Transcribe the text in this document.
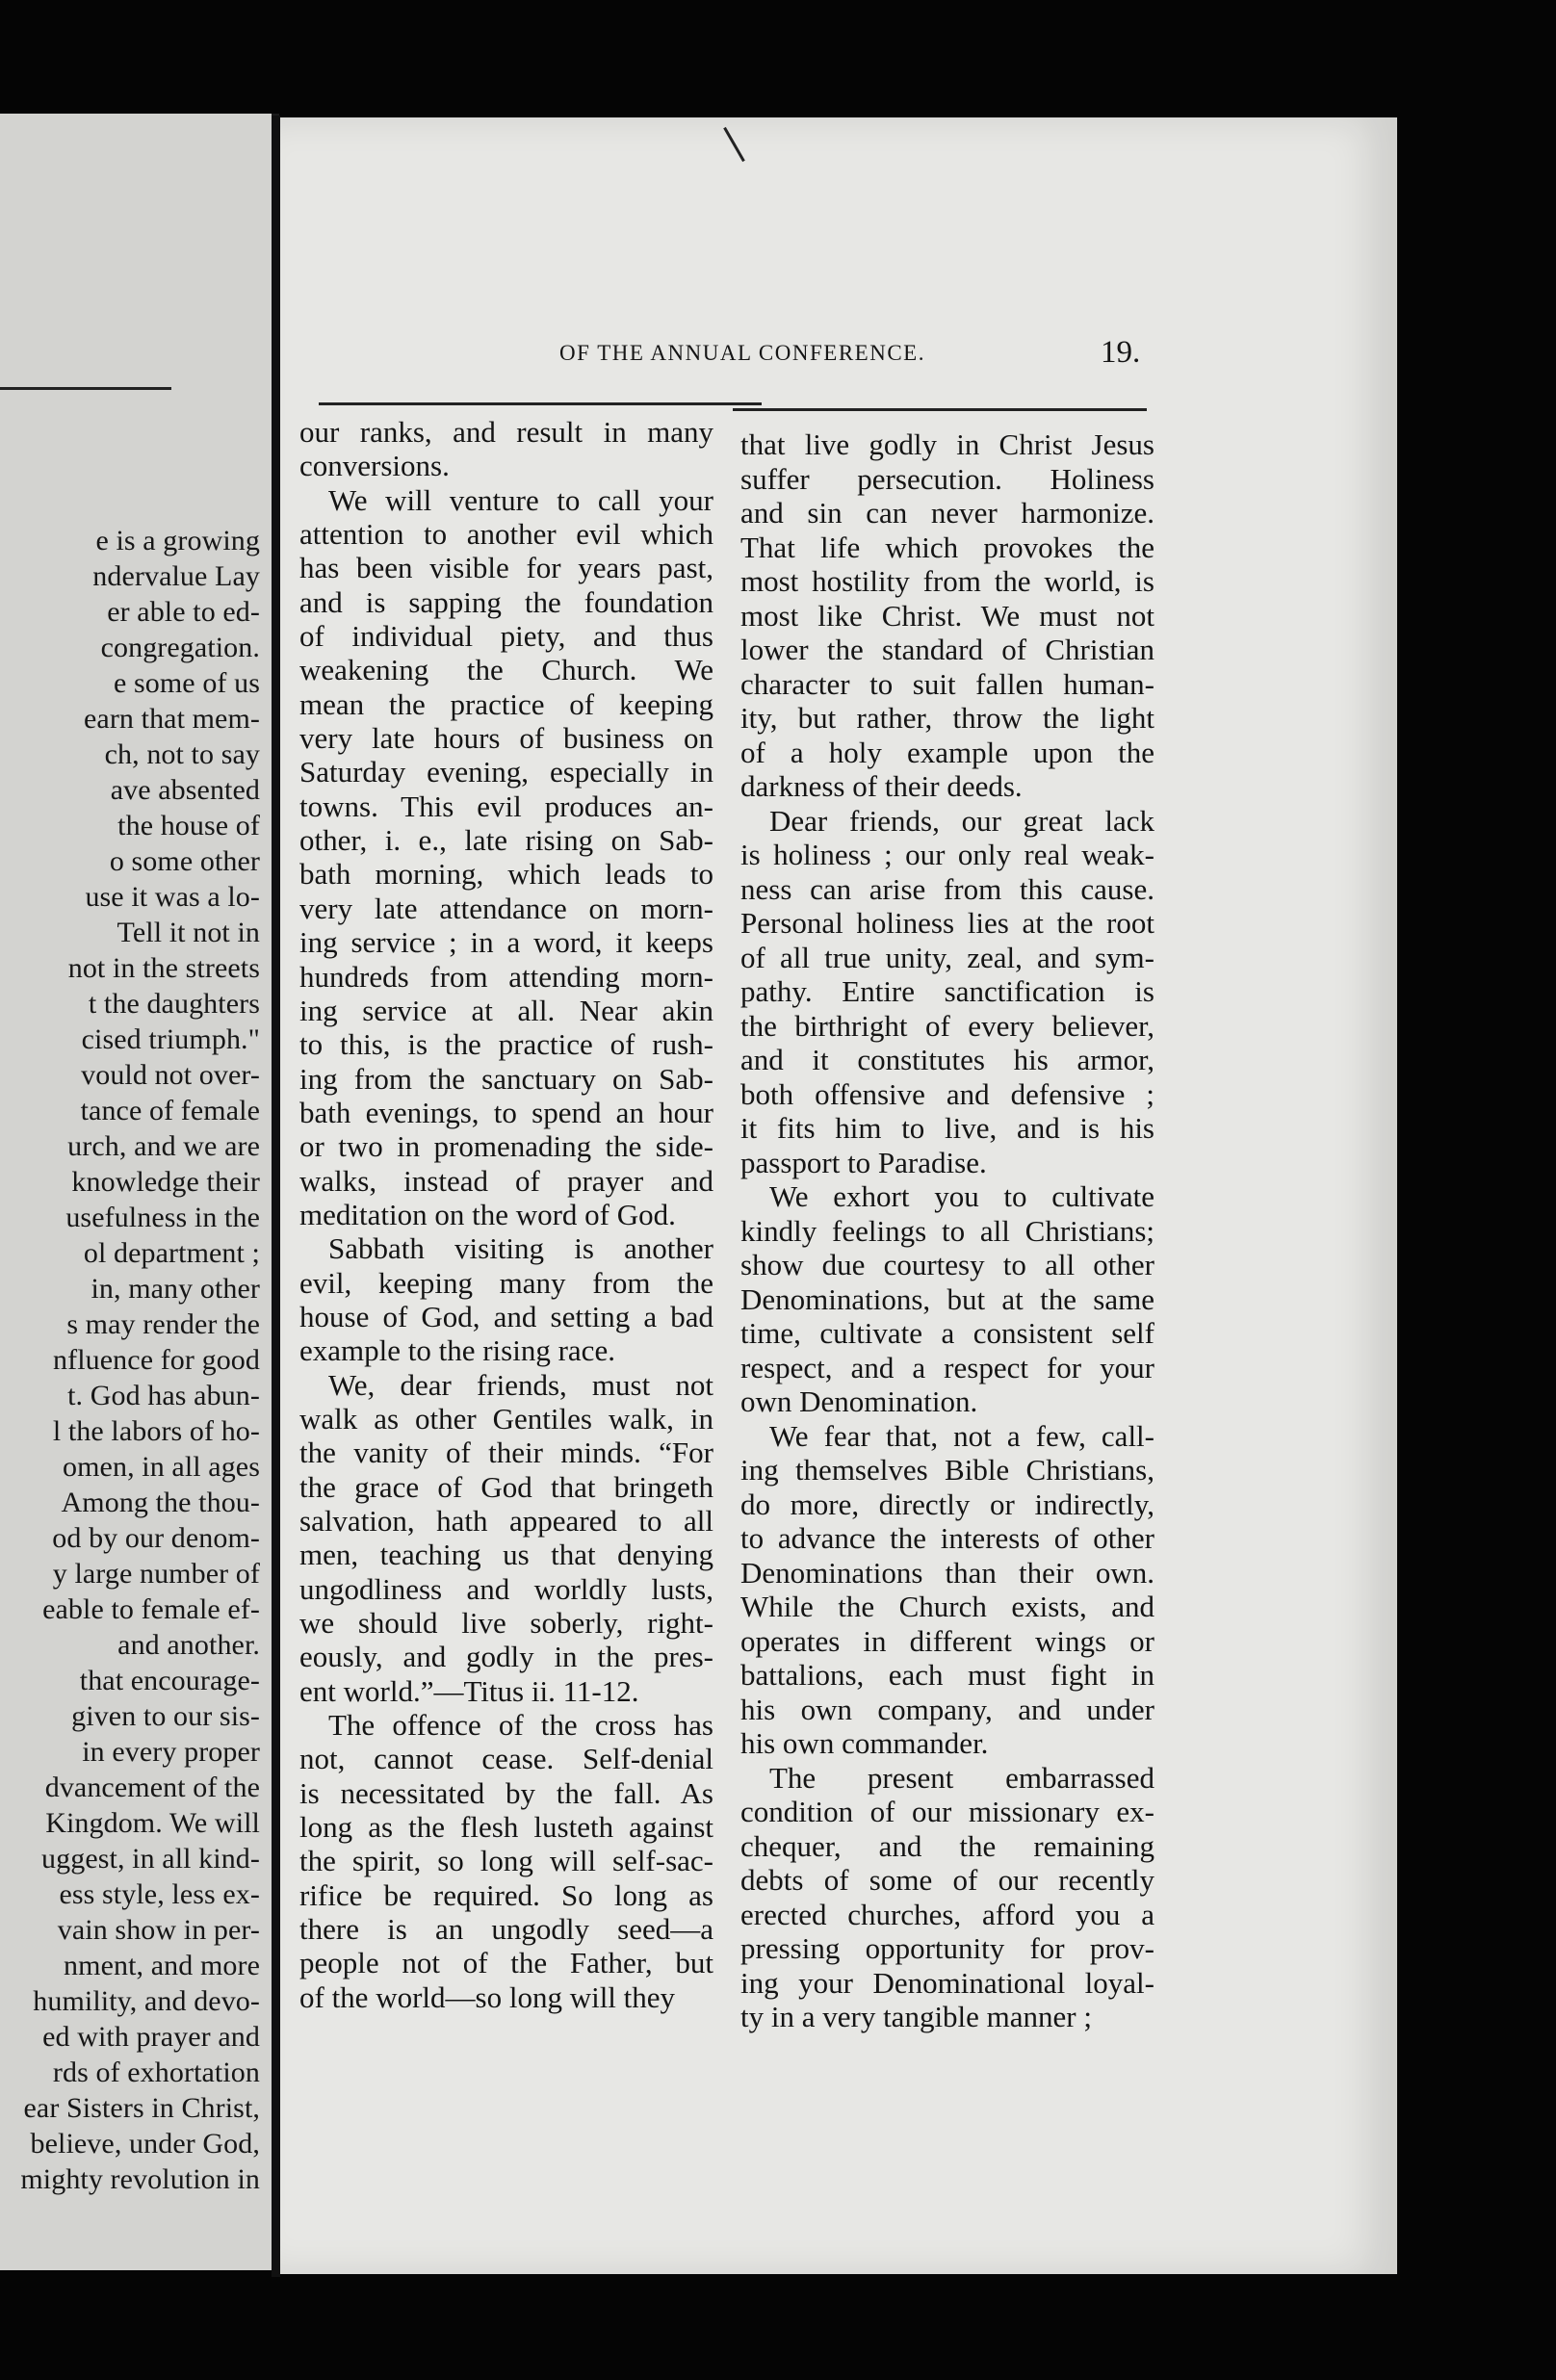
e is a growing
ndervalue Lay
er able to ed-
congregation.
e some of us
earn that mem-
ch, not to say
ave absented
the house of
o some other
use it was a lo-
Tell it not in
not in the streets
t the daughters
cised triumph."
vould not over-
tance of female
urch, and we are
knowledge their
usefulness in the
ol department ;
in, many other
s may render the
nfluence for good
t. God has abun-
l the labors of ho-
omen, in all ages
Among the thou-
od by our denom-
y large number of
eable to female ef-
and another.
that encourage-
given to our sis-
in every proper
dvancement of the
Kingdom. We will
uggest, in all kind-
ess style, less ex-
vain show in per-
nment, and more
humility, and devo-
ed with prayer and
rds of exhortation
ear Sisters in Christ,
believe, under God,
mighty revolution in
OF THE ANNUAL CONFERENCE.	19.
our ranks, and result in many
conversions.
We will venture to call your
attention to another evil which
has been visible for years past,
and is sapping the foundation
of individual piety, and thus
weakening the Church. We
mean the practice of keeping
very late hours of business on
Saturday evening, especially in
towns. This evil produces an-
other, i. e., late rising on Sab-
bath morning, which leads to
very late attendance on morn-
ing service ; in a word, it keeps
hundreds from attending morn-
ing service at all. Near akin
to this, is the practice of rush-
ing from the sanctuary on Sab-
bath evenings, to spend an hour
or two in promenading the side-
walks, instead of prayer and
meditation on the word of God.
Sabbath visiting is another
evil, keeping many from the
house of God, and setting a bad
example to the rising race.
We, dear friends, must not
walk as other Gentiles walk, in
the vanity of their minds. “For
the grace of God that bringeth
salvation, hath appeared to all
men, teaching us that denying
ungodliness and worldly lusts,
we should live soberly, right-
eously, and godly in the pres-
ent world.”—Titus ii. 11-12.
The offence of the cross has
not, cannot cease. Self-denial
is necessitated by the fall. As
long as the flesh lusteth against
the spirit, so long will self-sac-
rifice be required. So long as
there is an ungodly seed—a
people not of the Father, but
of the world—so long will they
that live godly in Christ Jesus
suffer persecution. Holiness
and sin can never harmonize.
That life which provokes the
most hostility from the world, is
most like Christ. We must not
lower the standard of Christian
character to suit fallen human-
ity, but rather, throw the light
of a holy example upon the
darkness of their deeds.
Dear friends, our great lack
is holiness ; our only real weak-
ness can arise from this cause.
Personal holiness lies at the root
of all true unity, zeal, and sym-
pathy. Entire sanctification is
the birthright of every believer,
and it constitutes his armor,
both offensive and defensive ;
it fits him to live, and is his
passport to Paradise.
We exhort you to cultivate
kindly feelings to all Christians;
show due courtesy to all other
Denominations, but at the same
time, cultivate a consistent self
respect, and a respect for your
own Denomination.
We fear that, not a few, call-
ing themselves Bible Christians,
do more, directly or indirectly,
to advance the interests of other
Denominations than their own.
While the Church exists, and
operates in different wings or
battalions, each must fight in
his own company, and under
his own commander.
The present embarrassed
condition of our missionary ex-
chequer, and the remaining
debts of some of our recently
erected churches, afford you a
pressing opportunity for prov-
ing your Denominational loyal-
ty in a very tangible manner ;
